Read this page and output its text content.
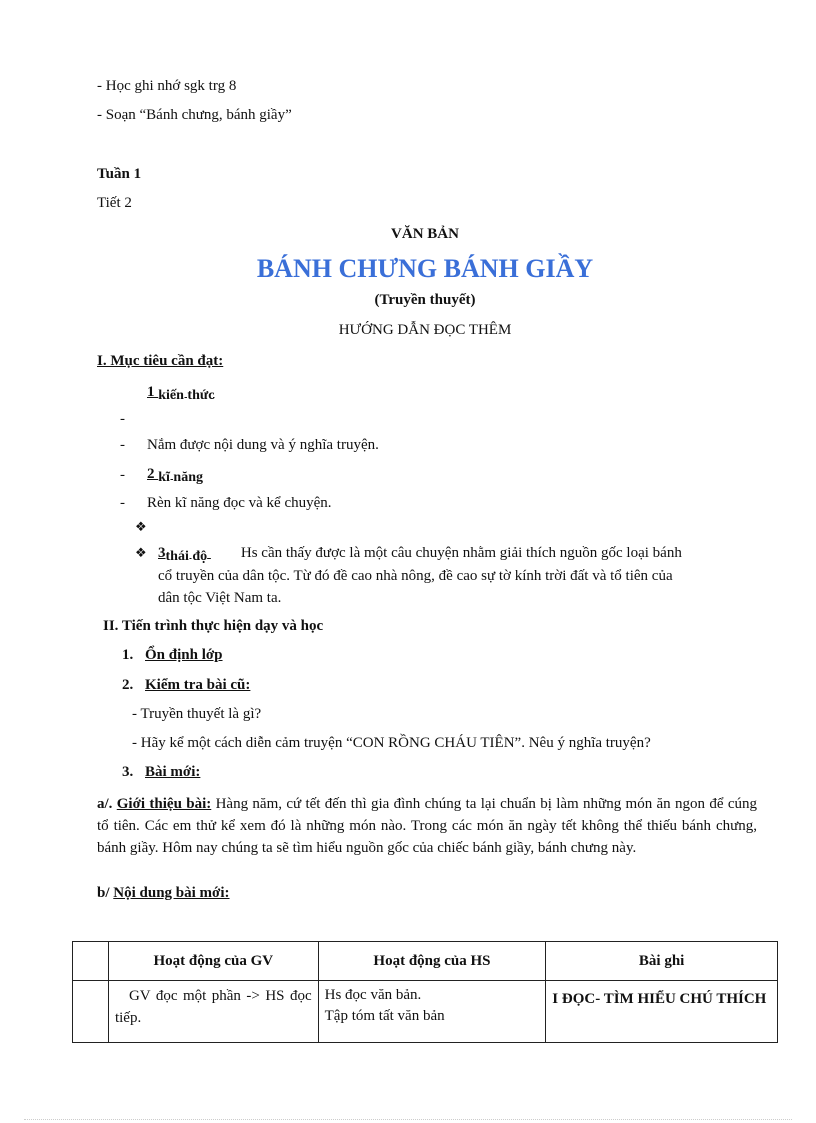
- Học ghi nhớ sgk trg 8
- Soạn “Bánh chưng, bánh giầy”
Tuần 1
Tiết 2
VĂN BẢN
BÁNH CHƯNG BÁNH GIẦY
(Truyền thuyết)
HƯỚNG DẪN ĐỌC THÊM
I. Mục tiêu cần đạt:
1 kiến thức
-
- Nắm được nội dung và ý nghĩa truyện.
- 2 kĩ năng
- Rèn kĩ năng đọc và kể chuyện.
❖
❖ 3thái độ Hs cần thấy được là một câu chuyện nhằm giải thích nguồn gốc loại bánh
cổ truyền của dân tộc. Từ đó đề cao nhà nông, đề cao sự tờ kính trời đất và tổ tiên của
dân tộc Việt Nam ta.
II. Tiến trình thực hiện dạy và học
1. Ổn định lớp
2. Kiểm tra bài cũ:
- Truyền thuyết là gì?
- Hãy kể một cách diễn cảm truyện “CON RỒNG CHÁU TIÊN”. Nêu ý nghĩa truyện?
3. Bài mới:
a/. Giới thiệu bài: Hàng năm, cứ tết đến thì gia đình chúng ta lại chuẩn bị làm những món ăn ngon để cúng tổ tiên. Các em thử kể xem đó là những món nào. Trong các món ăn ngày tết không thể thiếu bánh chưng, bánh giầy. Hôm nay chúng ta sẽ tìm hiểu nguồn gốc của chiếc bánh giầy, bánh chưng này.
b/ Nội dung bài mới:
	Hoạt động của GV	Hoạt động của HS	Bài ghi
	GV đọc một phần -> HS đọc tiếp.	Hs đọc văn bản.
Tập tóm tất văn bản	I ĐỌC- TÌM HIỂU CHÚ THÍCH
